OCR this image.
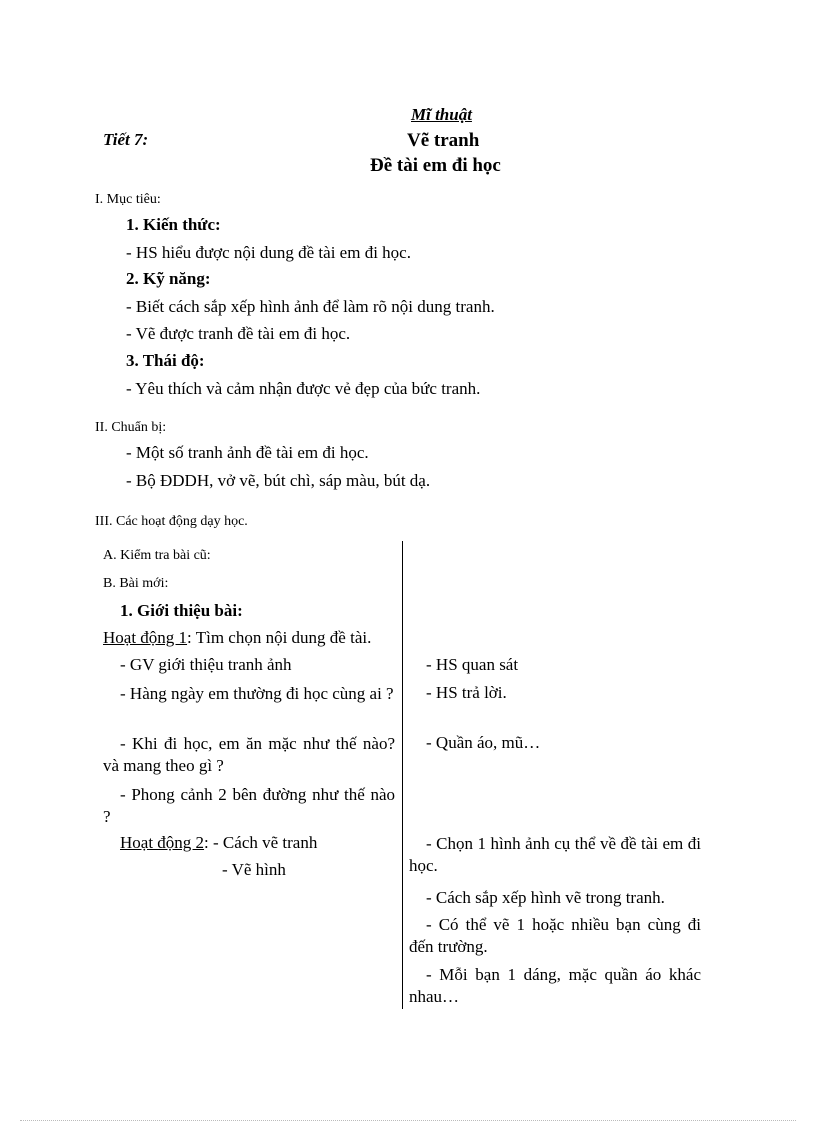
Mĩ thuật
Tiết 7:	Vẽ tranh
Đề tài em đi học
I. Mục tiêu:
1. Kiến thức:
- HS hiểu được nội dung đề tài em đi học.
2. Kỹ năng:
- Biết cách sắp xếp hình ảnh để làm rõ nội dung tranh.
- Vẽ được tranh đề tài em đi học.
3. Thái độ:
- Yêu thích và cảm nhận được vẻ đẹp của bức tranh.
II. Chuẩn bị:
- Một số tranh ảnh đề tài em đi học.
- Bộ ĐDDH, vở vẽ, bút chì, sáp màu, bút dạ.
III. Các hoạt động dạy học.
A. Kiểm tra bài cũ:
B. Bài mới:
1. Giới thiệu bài:
Hoạt động 1: Tìm chọn nội dung đề tài.
- GV giới thiệu tranh ảnh
- Hàng ngày em thường đi học cùng ai ?
- Khi đi học, em ăn mặc như thế nào? và mang theo gì ?
- Phong cảnh 2 bên đường như thế nào ?
- HS quan sát
- HS trả lời.
- Quần áo, mũ…
Hoạt động 2: - Cách vẽ tranh
- Vẽ hình
- Chọn 1 hình ảnh cụ thể về đề tài em đi học.
- Cách sắp xếp hình vẽ trong tranh.
- Có thể vẽ 1 hoặc nhiều bạn cùng đi đến trường.
- Mỗi bạn 1 dáng, mặc quần áo khác nhau…
